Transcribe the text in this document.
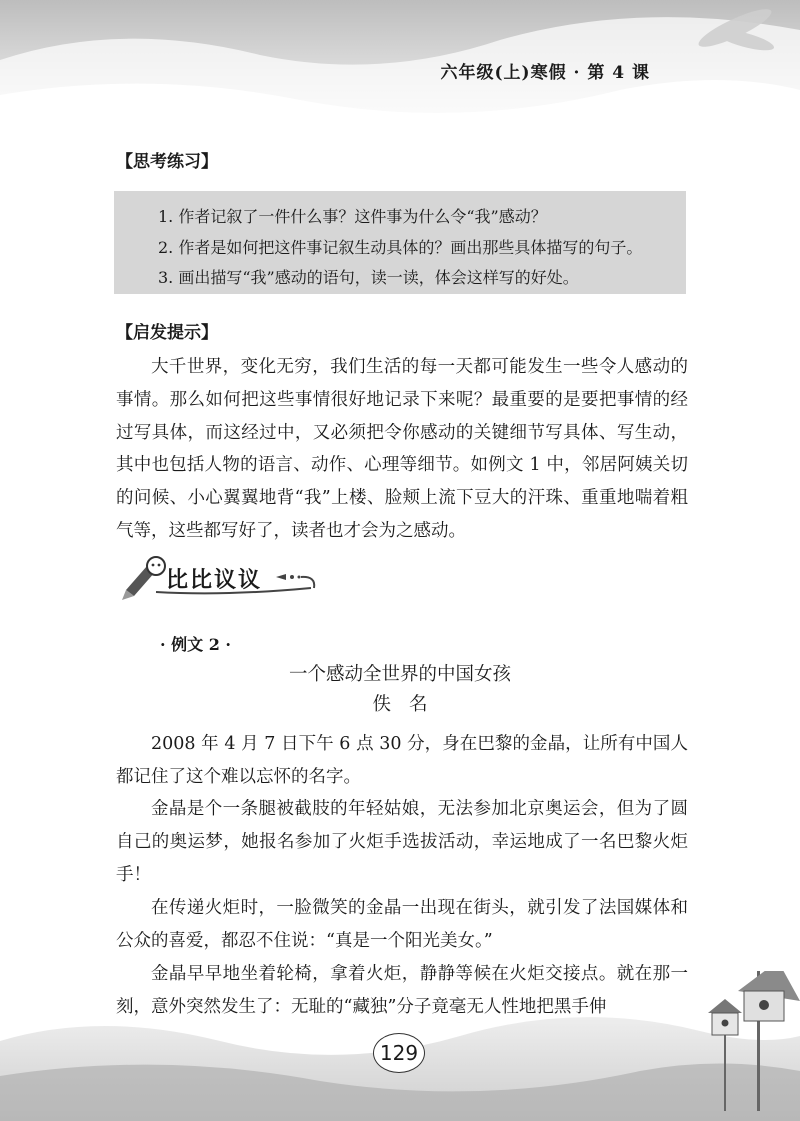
六年级(上)寒假 · 第 4 课
【思考练习】
1. 作者记叙了一件什么事？这件事为什么令“我”感动？
2. 作者是如何把这件事记叙生动具体的？画出那些具体描写的句子。
3. 画出描写“我”感动的语句，读一读，体会这样写的好处。
【启发提示】

大千世界，变化无穷，我们生活的每一天都可能发生一些令人感动的事情。那么如何把这些事情很好地记录下来呢？最重要的是要把事情的经过写具体，而这经过中，又必须把令你感动的关键细节写具体、写生动，其中也包括人物的语言、动作、心理等细节。如例文 1 中，邻居阿姨关切的问候、小心翼翼地背“我”上楼、脸颊上流下豆大的汗珠、重重地喘着粗气等，这些都写好了，读者也才会为之感动。

比比议议
· 例文 2 ·
一个感动全世界的中国女孩
佚名

2008 年 4 月 7 日下午 6 点 30 分，身在巴黎的金晶，让所有中国人都记住了这个难以忘怀的名字。

金晶是个一条腿被截肢的年轻姑娘，无法参加北京奥运会，但为了圆自己的奥运梦，她报名参加了火炬手选拔活动，幸运地成了一名巴黎火炬手！

在传递火炬时，一脸微笑的金晶一出现在街头，就引发了法国媒体和公众的喜爱，都忍不住说：“真是一个阳光美女。”

金晶早早地坐着轮椅，拿着火炬，静静等候在火炬交接点。就在那一刻，意外突然发生了：无耻的“藏独”分子竟毫无人性地把黑手伸

129
